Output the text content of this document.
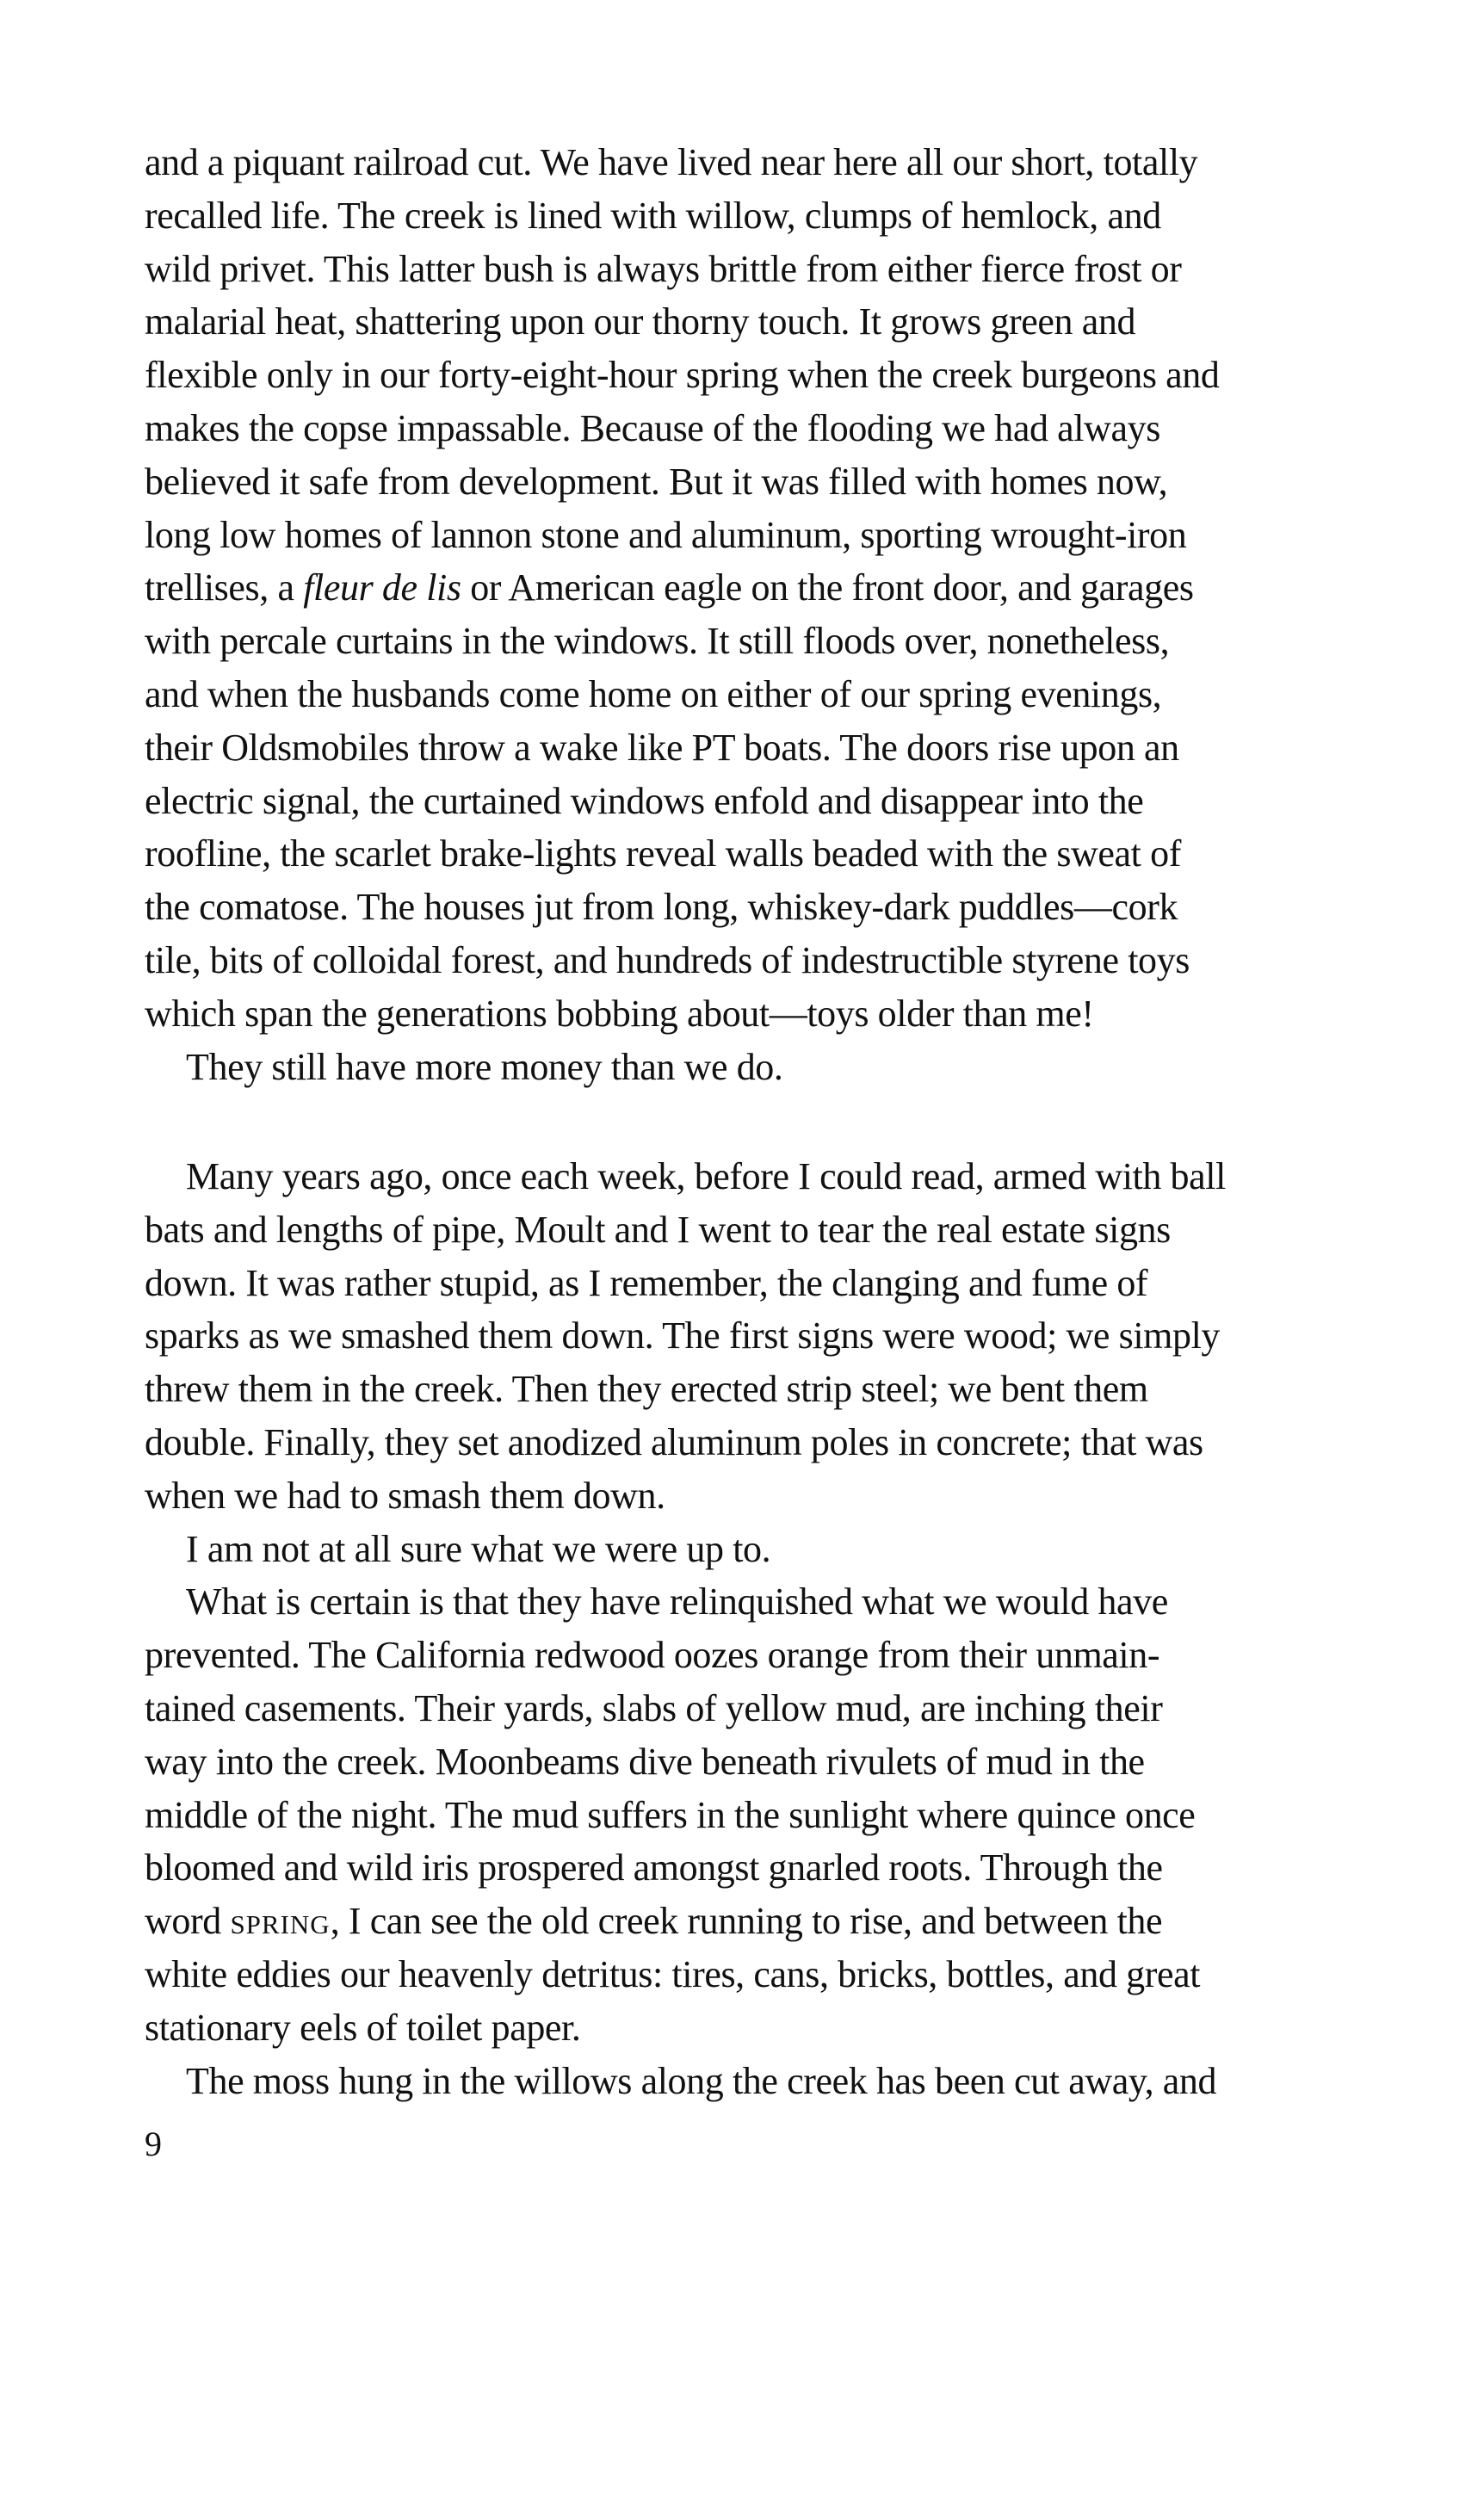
and a piquant railroad cut. We have lived near here all our short, totally
recalled life. The creek is lined with willow, clumps of hemlock, and
wild privet. This latter bush is always brittle from either fierce frost or
malarial heat, shattering upon our thorny touch. It grows green and
flexible only in our forty-eight-hour spring when the creek burgeons and
makes the copse impassable. Because of the flooding we had always
believed it safe from development. But it was filled with homes now,
long low homes of lannon stone and aluminum, sporting wrought-iron
trellises, a fleur de lis or American eagle on the front door, and garages
with percale curtains in the windows. It still floods over, nonetheless,
and when the husbands come home on either of our spring evenings,
their Oldsmobiles throw a wake like PT boats. The doors rise upon an
electric signal, the curtained windows enfold and disappear into the
roofline, the scarlet brake-lights reveal walls beaded with the sweat of
the comatose. The houses jut from long, whiskey-dark puddles—cork
tile, bits of colloidal forest, and hundreds of indestructible styrene toys
which span the generations bobbing about—toys older than me!
They still have more money than we do.
Many years ago, once each week, before I could read, armed with ball
bats and lengths of pipe, Moult and I went to tear the real estate signs
down. It was rather stupid, as I remember, the clanging and fume of
sparks as we smashed them down. The first signs were wood; we simply
threw them in the creek. Then they erected strip steel; we bent them
double. Finally, they set anodized aluminum poles in concrete; that was
when we had to smash them down.
I am not at all sure what we were up to.
What is certain is that they have relinquished what we would have
prevented. The California redwood oozes orange from their unmain-
tained casements. Their yards, slabs of yellow mud, are inching their
way into the creek. Moonbeams dive beneath rivulets of mud in the
middle of the night. The mud suffers in the sunlight where quince once
bloomed and wild iris prospered amongst gnarled roots. Through the
word spring, I can see the old creek running to rise, and between the
white eddies our heavenly detritus: tires, cans, bricks, bottles, and great
stationary eels of toilet paper.
The moss hung in the willows along the creek has been cut away, and
9
